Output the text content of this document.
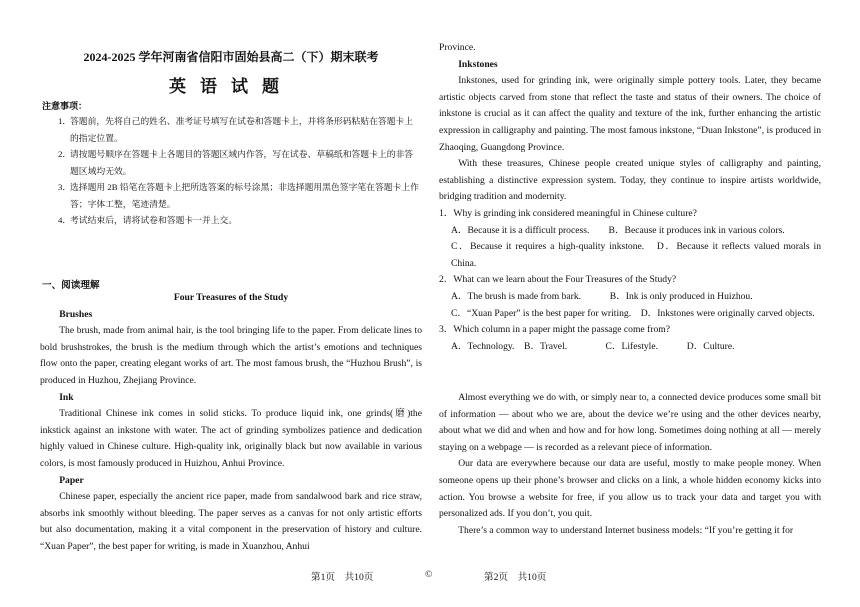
2024-2025 学年河南省信阳市固始县高二（下）期末联考
英语试题
注意事项：
1．
答题前，先将自己的姓名、准考证号填写在试卷和答题卡上，并将条形码粘贴在答题卡上的指定位置。
2．
请按题号顺序在答题卡上各题目的答题区域内作答，写在试卷、草稿纸和答题卡上的非答题区域均无效。
3．
选择题用 2B 铅笔在答题卡上把所选答案的标号涂黑；非选择题用黑色签字笔在答题卡上作答；字体工整，笔迹清楚。
4．
考试结束后，请将试卷和答题卡一并上交。
一、阅读理解

Four Treasures of the Study

Brushes

The brush, made from animal hair, is the tool bringing life to the paper. From delicate lines to bold brushstrokes, the brush is the medium through which the artist’s emotions and techniques flow onto the paper, creating elegant works of art. The most famous brush, the “Huzhou Brush”, is produced in Huzhou, Zhejiang Province.

Ink

Traditional Chinese ink comes in solid sticks. To produce liquid ink, one grinds(磨)the inkstick against an inkstone with water. The act of grinding symbolizes patience and dedication highly valued in Chinese culture. High-quality ink, originally black but now available in various colors, is most famously produced in Huizhou, Anhui Province.

Paper

Chinese paper, especially the ancient rice paper, made from sandalwood bark and rice straw, absorbs ink smoothly without bleeding. The paper serves as a canvas for not only artistic efforts but also documentation, making it a vital component in the preservation of history and culture. “Xuan Paper”, the best paper for writing, is made in Xuanzhou, Anhui

Province.

Inkstones

Inkstones, used for grinding ink, were originally simple pottery tools. Later, they became artistic objects carved from stone that reflect the taste and status of their owners. The choice of inkstone is crucial as it can affect the quality and texture of the ink, further enhancing the artistic expression in calligraphy and painting. The most famous inkstone, “Duan Inkstone”, is produced in Zhaoqing, Guangdong Province.

With these treasures, Chinese people created unique styles of calligraphy and painting, establishing a distinctive expression system. Today, they continue to inspire artists worldwide, bridging tradition and modernity.

1．Why is grinding ink considered meaningful in Chinese culture?

A．Because it is a difficult process.　　B．Because it produces ink in various colors.

C．Because it requires a high-quality inkstone.　D．Because it reflects valued morals in China.

2．What can we learn about the Four Treasures of the Study?

A．The brush is made from bark.　　　B．Ink is only produced in Huizhou.

C．“Xuan Paper” is the best paper for writing.　D．Inkstones were originally carved objects.

3．Which column in a paper might the passage come from?

A．Technology.　B．Travel.　　　　C．Lifestyle.　　　D．Culture.

Almost everything we do with, or simply near to, a connected device produces some small bit of information — about who we are, about the device we’re using and the other devices nearby, about what we did and when and how and for how long. Sometimes doing nothing at all — merely staying on a webpage — is recorded as a relevant piece of information.

Our data are everywhere because our data are useful, mostly to make people money. When someone opens up their phone’s browser and clicks on a link, a whole hidden economy kicks into action. You browse a website for free, if you allow us to track your data and target you with personalized ads. If you don’t, you quit.

There’s a common way to understand Internet business models: “If you’re getting it for

第1页　共10页	©	第2页　共10页
